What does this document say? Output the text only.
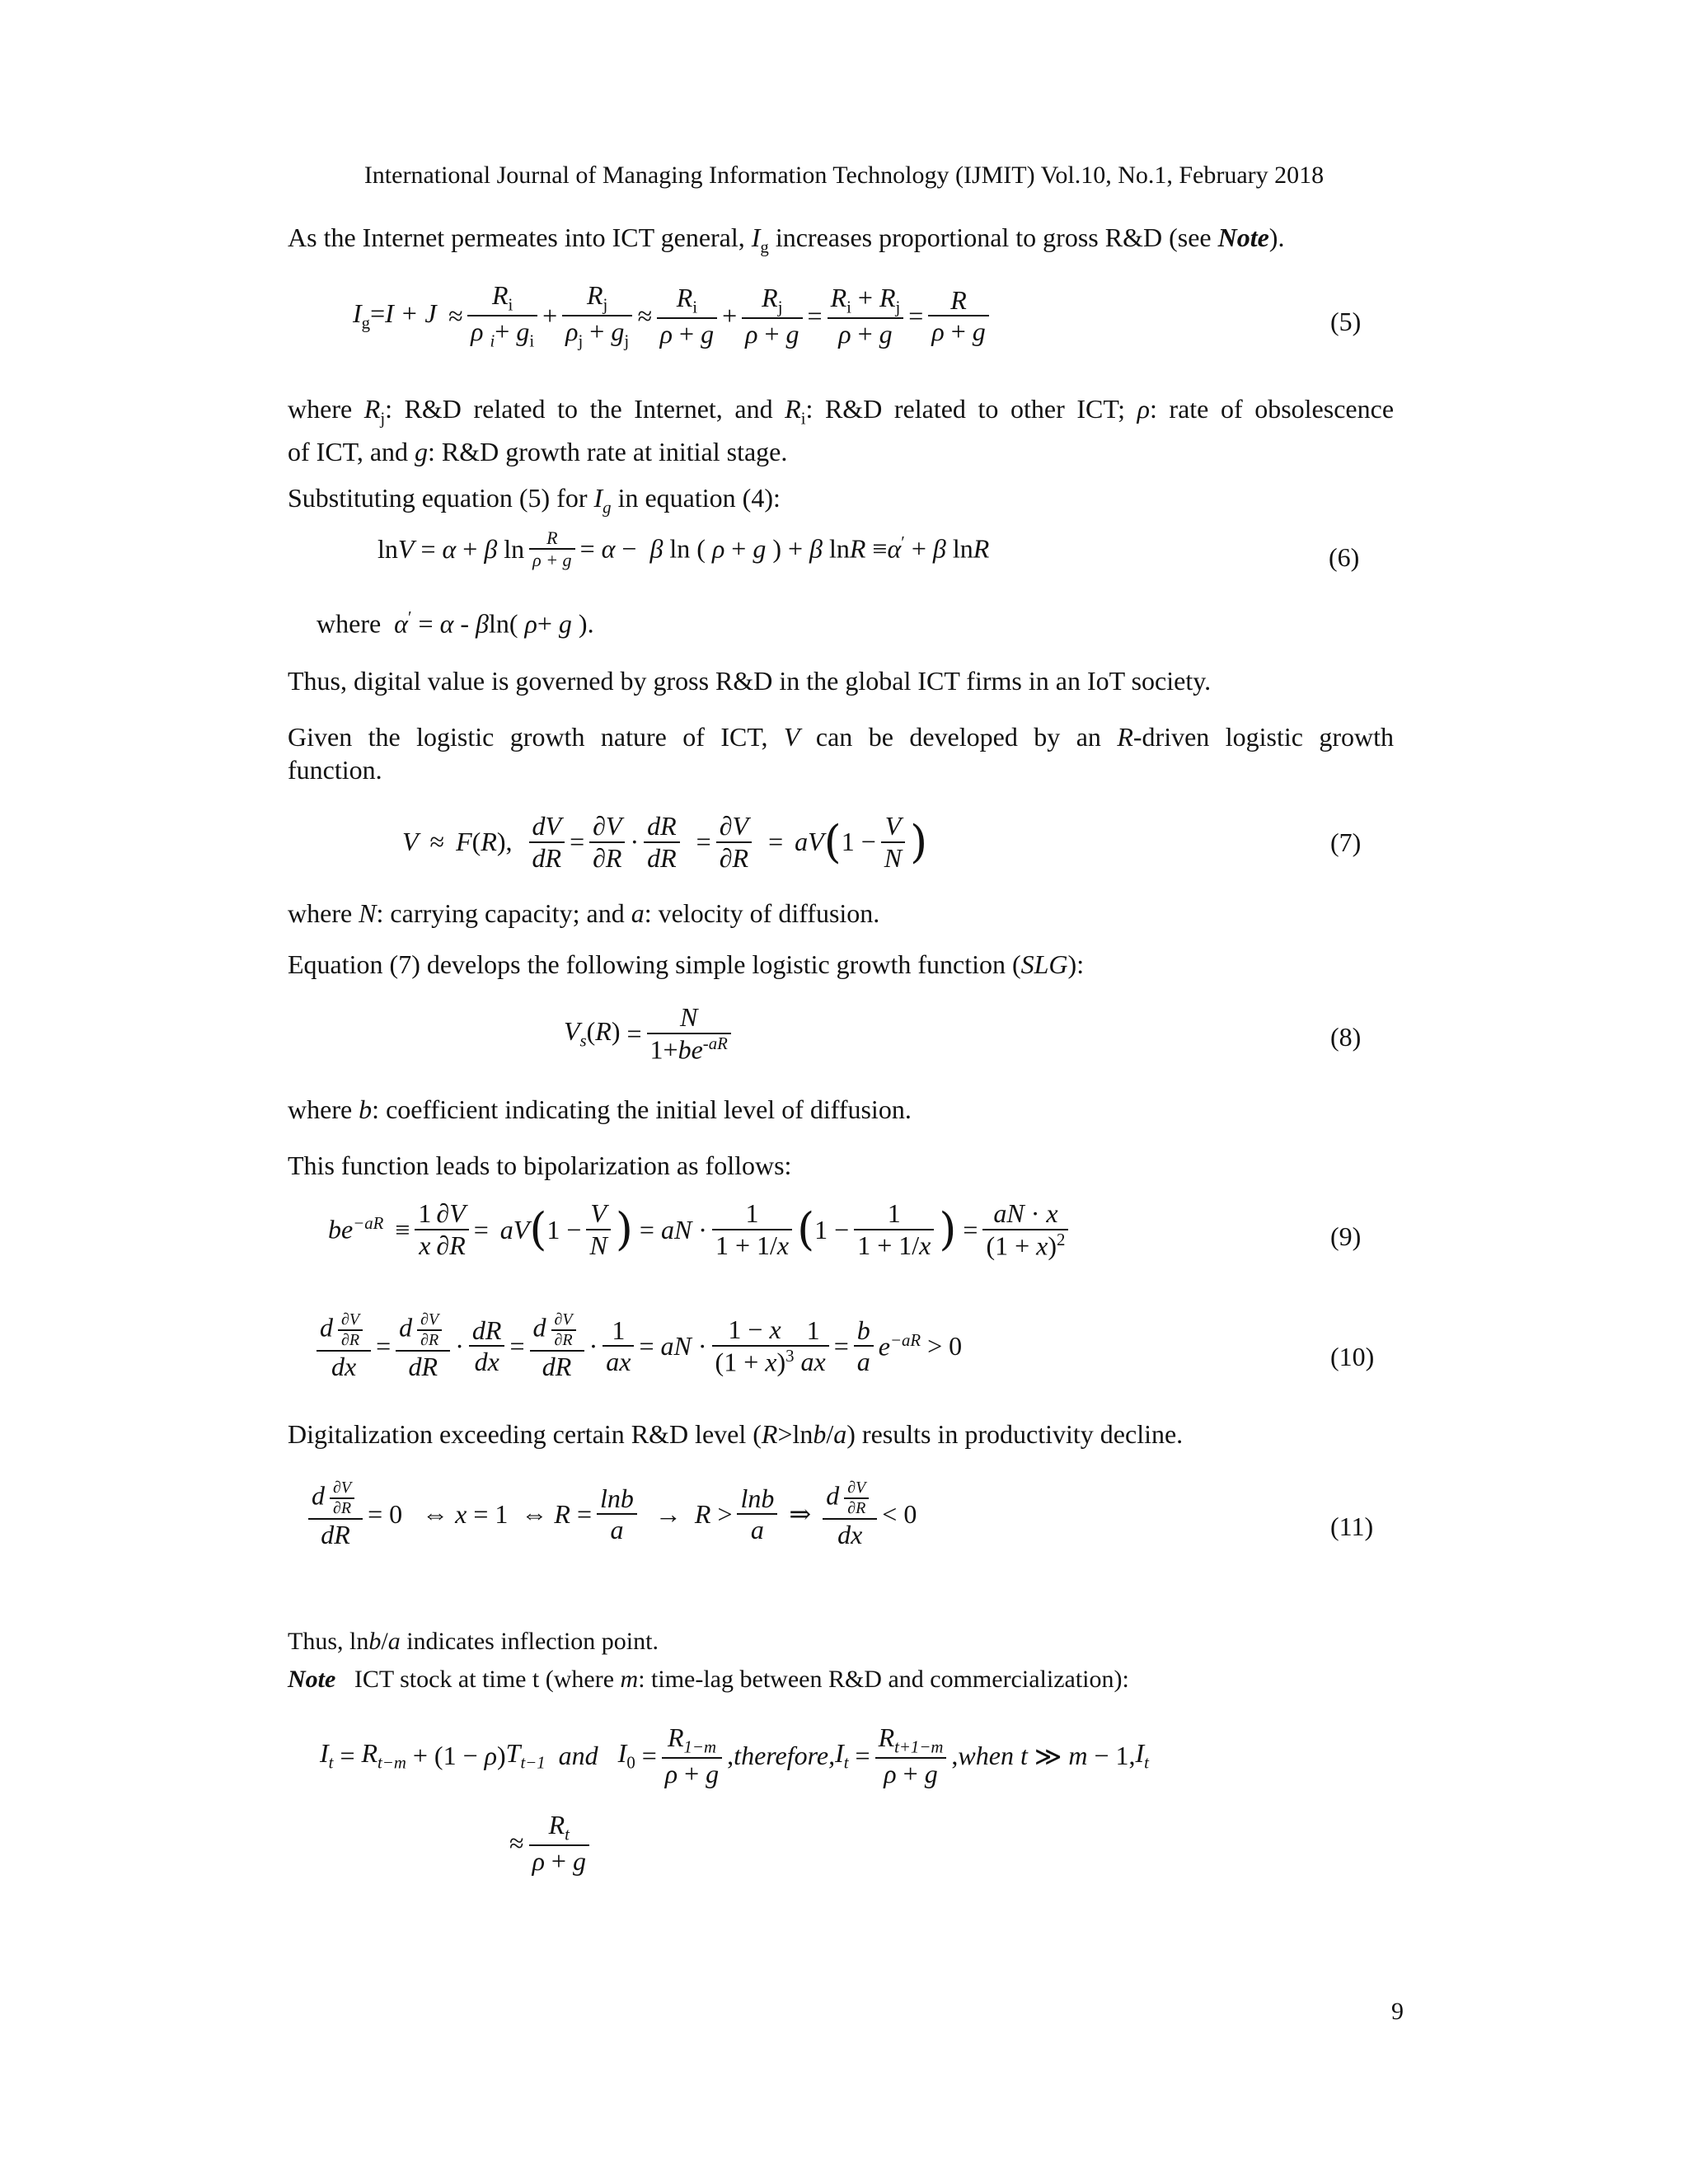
International Journal of Managing Information Technology (IJMIT) Vol.10, No.1, February 2018
As the Internet permeates into ICT general, $I_g$ increases proportional to gross R&D (see Note).
$I_g=I + J \approx \frac{R_i}{\rho _i+ g_i} + \frac{R_j}{\rho_j + g_j} \approx \frac{R_i}{\rho + g} + \frac{R_j}{\rho + g} = \frac{R_i + R_j}{\rho + g} = \frac{R}{\rho + g}$	(5)
where $R_j$: R&D related to the Internet, and $R_i$: R&D related to other ICT; ρ: rate of obsolescence
of ICT, and g: R&D growth rate at initial stage.
Substituting equation (5) for $I_g$ in equation (4):
lnV = α + β $\ln \frac{R}{\rho + g} = \alpha - \beta$ ln ( ρ + g ) + β lnR ≡α′ + β lnR	(6)
where α′ = α - βln( ρ+ g ).
Thus, digital value is governed by gross R&D in the global ICT firms in an IoT society.
Given the logistic growth nature of ICT, V can be developed by an R-driven logistic growth
function.
V ≈ F(R), $\frac{dV}{dR} = \frac{\partial V}{\partial R} \cdot \frac{dR}{dR} = \frac{\partial V}{\partial R}$ = aV ( $1 - \frac{V}{N}$ )	(7)
where N: carrying capacity; and a: velocity of diffusion.
Equation (7) develops the following simple logistic growth function (SLG):
$V_s(R) = \frac{N}{1+be^{-aR}}$	(8)
where b: coefficient indicating the initial level of diffusion.
This function leads to bipolarization as follows:
$be^{-aR} \equiv \frac{1}{x}$
$\frac{\partial V}{\partial R}$ = aV ( $1 - \frac{V}{N}$ ) = aN · $\frac{1}{1 + 1/x}$ ( $1 - \frac{1}{1 + 1/x}$ ) = $\frac{aN \cdot x}{(1 + x)^2}$	(9)
$\frac{d \frac{\partial V}{\partial R}}{dx} = \frac{d \frac{\partial V}{\partial R}}{dR} \cdot \frac{dR}{dx} = \frac{d \frac{\partial V}{\partial R}}{dR} \cdot \frac{1}{ax}$ = aN · $\frac{1 - x}{(1 + x)^3} \frac{1}{ax} = \frac{b}{a} e^{-aR} > 0$	(10)
Digitalization exceeding certain R&D level (R>lnb/a) results in productivity decline.
$\frac{d \frac{\partial V}{\partial R}}{dR} = 0$   ⇔
x = 1  ⇔
$R = \frac{\ln b}{a} \to R > \frac{\ln b}{a}$ ⇒ $\frac{d \frac{\partial V}{\partial R}}{dx} < 0$	(11)
Thus, lnb/a indicates inflection point.
Note ICT stock at time t (where m: time-lag between R&D and commercialization):
$I_t = R_{t-m} + (1 - \rho$ ) $T_{t-1}$ and $I_0 = \frac{R_{1-m}}{\rho + g}$ , therefore, $I_t = \frac{R_{t+1-m}}{\rho + g}$ , when t ≫ m − 1, $I_t$
≈ $\frac{R_t}{\rho + g}$
9
